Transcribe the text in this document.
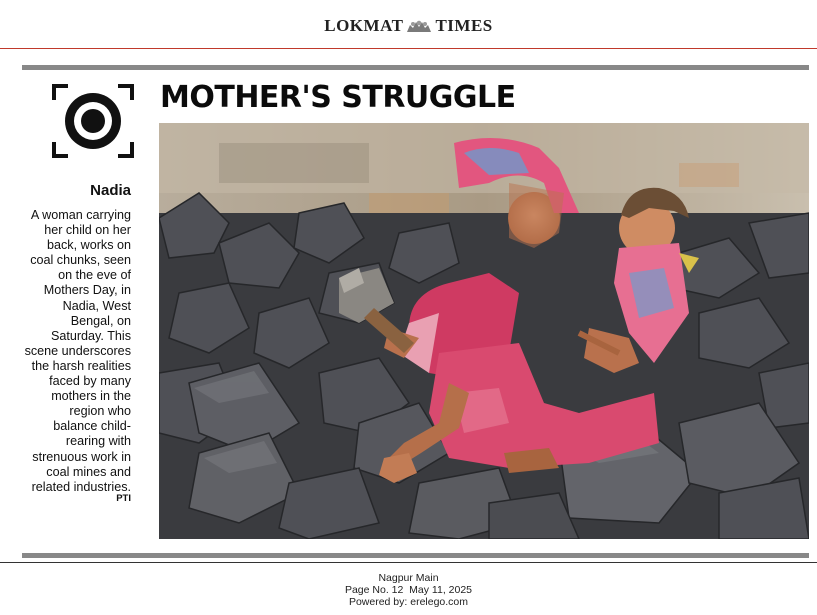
LOKMAT TIMES
MOTHER'S STRUGGLE
Nadia
A woman carrying her child on her back, works on coal chunks, seen on the eve of Mothers Day, in Nadia, West Bengal, on Saturday. This scene underscores the harsh realities faced by many mothers in the region who balance child-rearing with strenuous work in coal mines and related industries.
PTI
Nagpur Main
Page No. 12  May 11, 2025
Powered by: erelego.com
